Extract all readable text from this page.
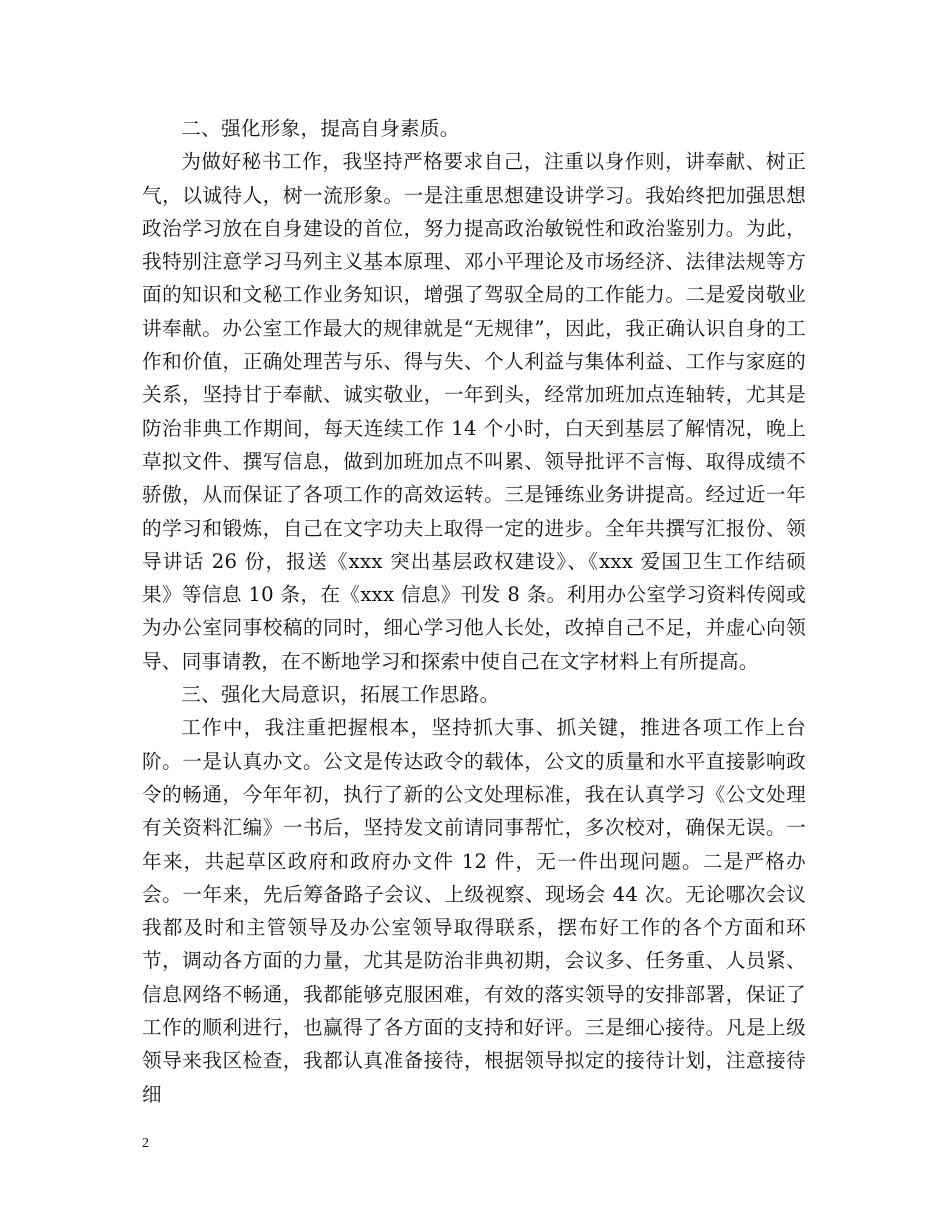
二、强化形象，提高自身素质。

为做好秘书工作，我坚持严格要求自己，注重以身作则，讲奉献、树正气，以诚待人，树一流形象。一是注重思想建设讲学习。我始终把加强思想政治学习放在自身建设的首位，努力提高政治敏锐性和政治鉴别力。为此，我特别注意学习马列主义基本原理、邓小平理论及市场经济、法律法规等方面的知识和文秘工作业务知识，增强了驾驭全局的工作能力。二是爱岗敬业讲奉献。办公室工作最大的规律就是“无规律”，因此，我正确认识自身的工作和价值，正确处理苦与乐、得与失、个人利益与集体利益、工作与家庭的关系，坚持甘于奉献、诚实敬业，一年到头，经常加班加点连轴转，尤其是防治非典工作期间，每天连续工作 14 个小时，白天到基层了解情况，晚上草拟文件、撰写信息，做到加班加点不叫累、领导批评不言悔、取得成绩不骄傲，从而保证了各项工作的高效运转。三是锤练业务讲提高。经过近一年的学习和锻炼，自己在文字功夫上取得一定的进步。全年共撰写汇报份、领导讲话 26 份，报送《xxx 突出基层政权建设》、《xxx 爱国卫生工作结硕果》等信息 10 条，在《xxx 信息》刊发 8 条。利用办公室学习资料传阅或为办公室同事校稿的同时，细心学习他人长处，改掉自己不足，并虚心向领导、同事请教，在不断地学习和探索中使自己在文字材料上有所提高。

三、强化大局意识，拓展工作思路。

工作中，我注重把握根本，坚持抓大事、抓关键，推进各项工作上台阶。一是认真办文。公文是传达政令的载体，公文的质量和水平直接影响政令的畅通，今年年初，执行了新的公文处理标准，我在认真学习《公文处理有关资料汇编》一书后，坚持发文前请同事帮忙，多次校对，确保无误。一年来，共起草区政府和政府办文件 12 件，无一件出现问题。二是严格办会。一年来，先后筹备路子会议、上级视察、现场会 44 次。无论哪次会议我都及时和主管领导及办公室领导取得联系，摆布好工作的各个方面和环节，调动各方面的力量，尤其是防治非典初期，会议多、任务重、人员紧、信息网络不畅通，我都能够克服困难，有效的落实领导的安排部署，保证了工作的顺利进行，也赢得了各方面的支持和好评。三是细心接待。凡是上级领导来我区检查，我都认真准备接待，根据领导拟定的接待计划，注意接待细

2
